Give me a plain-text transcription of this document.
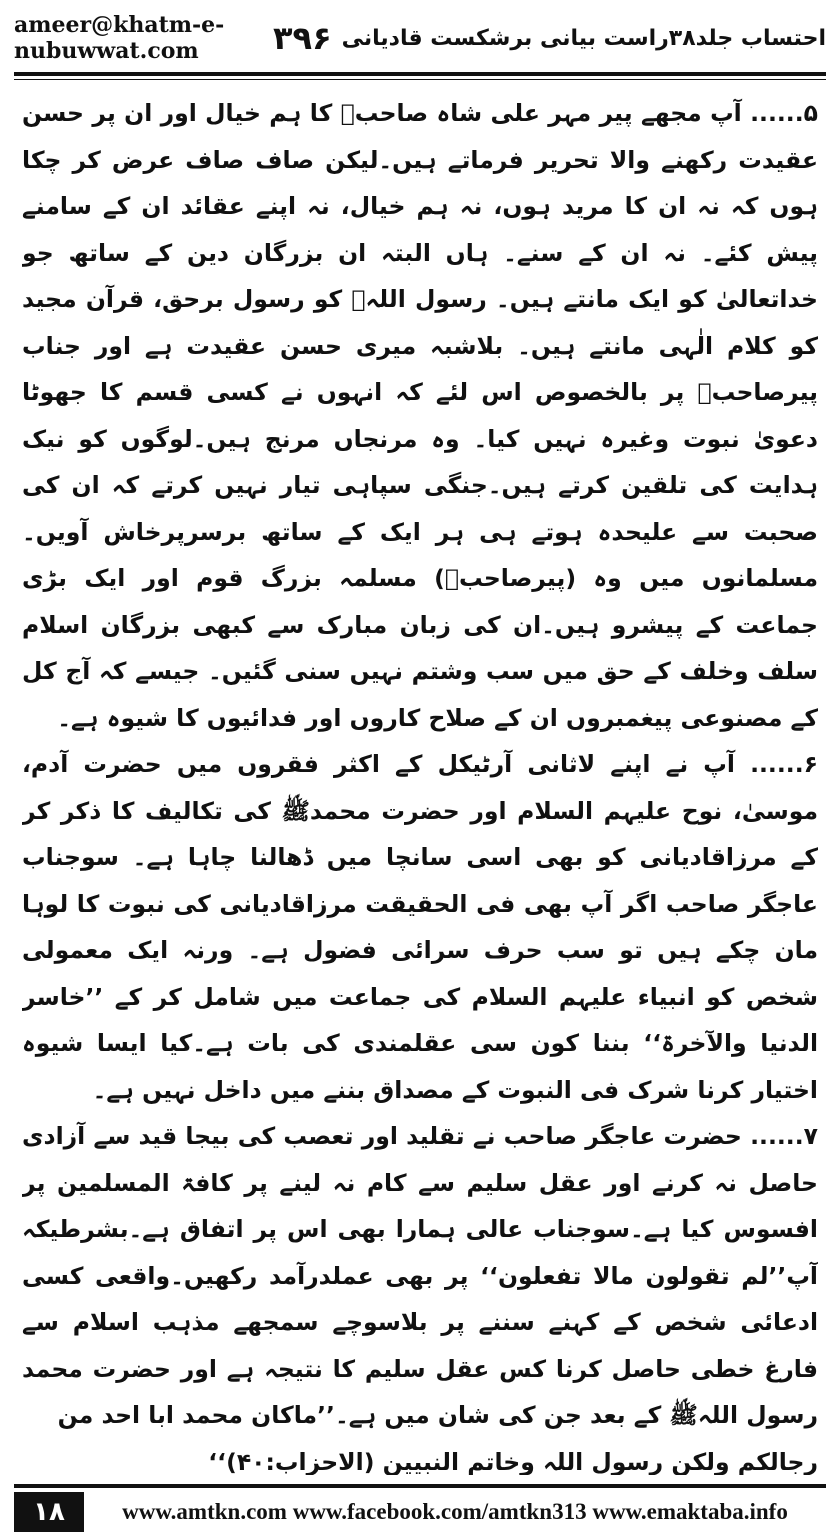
ameer@khatm-e-nubuwwat.com	۳۹۶ احتساب جلد۳۸راست بیانی برشکست قادیانی

۵...... آپ مجھے پیر مہر علی شاہ صاحبؒ کا ہم خیال اور ان پر حسن عقیدت رکھنے والا تحریر فرماتے ہیں۔لیکن صاف صاف عرض کر چکا ہوں کہ نہ ان کا مرید ہوں، نہ ہم خیال، نہ اپنے عقائد ان کے سامنے پیش کئے۔ نہ ان کے سنے۔ ہاں البتہ ان بزرگان دین کے ساتھ جو خداتعالیٰ کو ایک مانتے ہیں۔ رسول اللہﷺ کو رسول برحق، قرآن مجید کو کلام الٰہی مانتے ہیں۔ بلاشبہ میری حسن عقیدت ہے اور جناب پیرصاحبؒ پر بالخصوص اس لئے کہ انہوں نے کسی قسم کا جھوٹا دعویٰ نبوت وغیرہ نہیں کیا۔ وہ مرنجاں مرنج ہیں۔لوگوں کو نیک ہدایت کی تلقین کرتے ہیں۔جنگی سپاہی تیار نہیں کرتے کہ ان کی صحبت سے علیحدہ ہوتے ہی ہر ایک کے ساتھ برسرپرخاش آویں۔مسلمانوں میں وہ (پیرصاحبؒ) مسلمہ بزرگ قوم اور ایک بڑی جماعت کے پیشرو ہیں۔ان کی زبان مبارک سے کبھی بزرگان اسلام سلف وخلف کے حق میں سب وشتم نہیں سنی گئیں۔ جیسے کہ آج کل کے مصنوعی پیغمبروں ان کے صلاح کاروں اور فدائیوں کا شیوہ ہے۔

۶...... آپ نے اپنے لاثانی آرٹیکل کے اکثر فقروں میں حضرت آدم، موسیٰ، نوح علیہم السلام اور حضرت محمدﷺ کی تکالیف کا ذکر کر کے مرزاقادیانی کو بھی اسی سانچا میں ڈھالنا چاہا ہے۔ سوجناب عاجگر صاحب اگر آپ بھی فی الحقیقت مرزاقادیانی کی نبوت کا لوہا مان چکے ہیں تو سب حرف سرائی فضول ہے۔ ورنہ ایک معمولی شخص کو انبیاء علیہم السلام کی جماعت میں شامل کر کے ’’خاسر الدنیا والآخرۃ‘‘ بننا کون سی عقلمندی کی بات ہے۔کیا ایسا شیوہ اختیار کرنا شرک فی النبوت کے مصداق بننے میں داخل نہیں ہے۔

۷...... حضرت عاجگر صاحب نے تقلید اور تعصب کی بیجا قید سے آزادی حاصل نہ کرنے اور عقل سلیم سے کام نہ لینے پر کافۃ المسلمین پر افسوس کیا ہے۔سوجناب عالی ہمارا بھی اس پر اتفاق ہے۔بشرطیکہ آپ’’لم تقولون مالا تفعلون‘‘ پر بھی عملدرآمد رکھیں۔واقعی کسی ادعائی شخص کے کہنے سننے پر بلاسوچے سمجھے مذہب اسلام سے فارغ خطی حاصل کرنا کس عقل سلیم کا نتیجہ ہے اور حضرت محمد رسول اللہﷺ کے بعد جن کی شان میں ہے۔’’ماکان محمد ابا احد من

رجالکم ولکن رسول اللہ وخاتم النبیین (الاحزاب:۴۰)‘‘

۱۸	www.amtkn.com www.facebook.com/amtkn313 www.emaktaba.info
